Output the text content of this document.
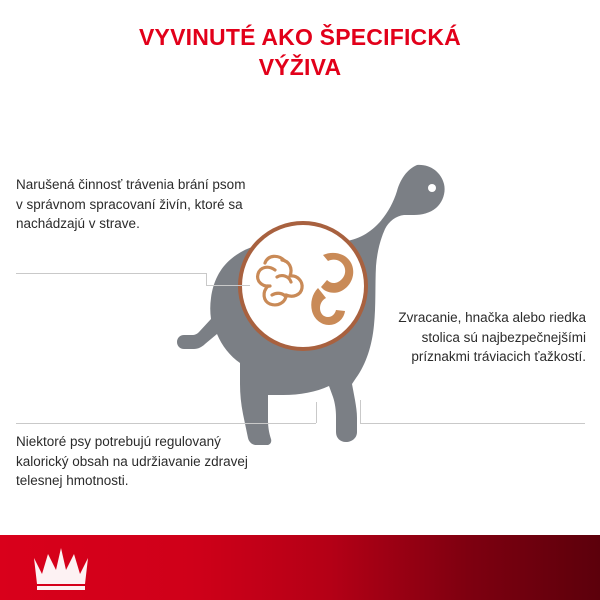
VYVINUTÉ AKO ŠPECIFICKÁ
VÝŽIVA
Narušená činnosť trávenia brání psom v správnom spracovaní živín, ktoré sa nachádzajú v strave.
Niektoré psy potrebujú regulovaný kalorický obsah na udržiavanie zdravej telesnej hmotnosti.
Zvracanie, hnačka alebo riedka stolica sú najbezpečnejšími príznakmi tráviacich ťažkostí.
